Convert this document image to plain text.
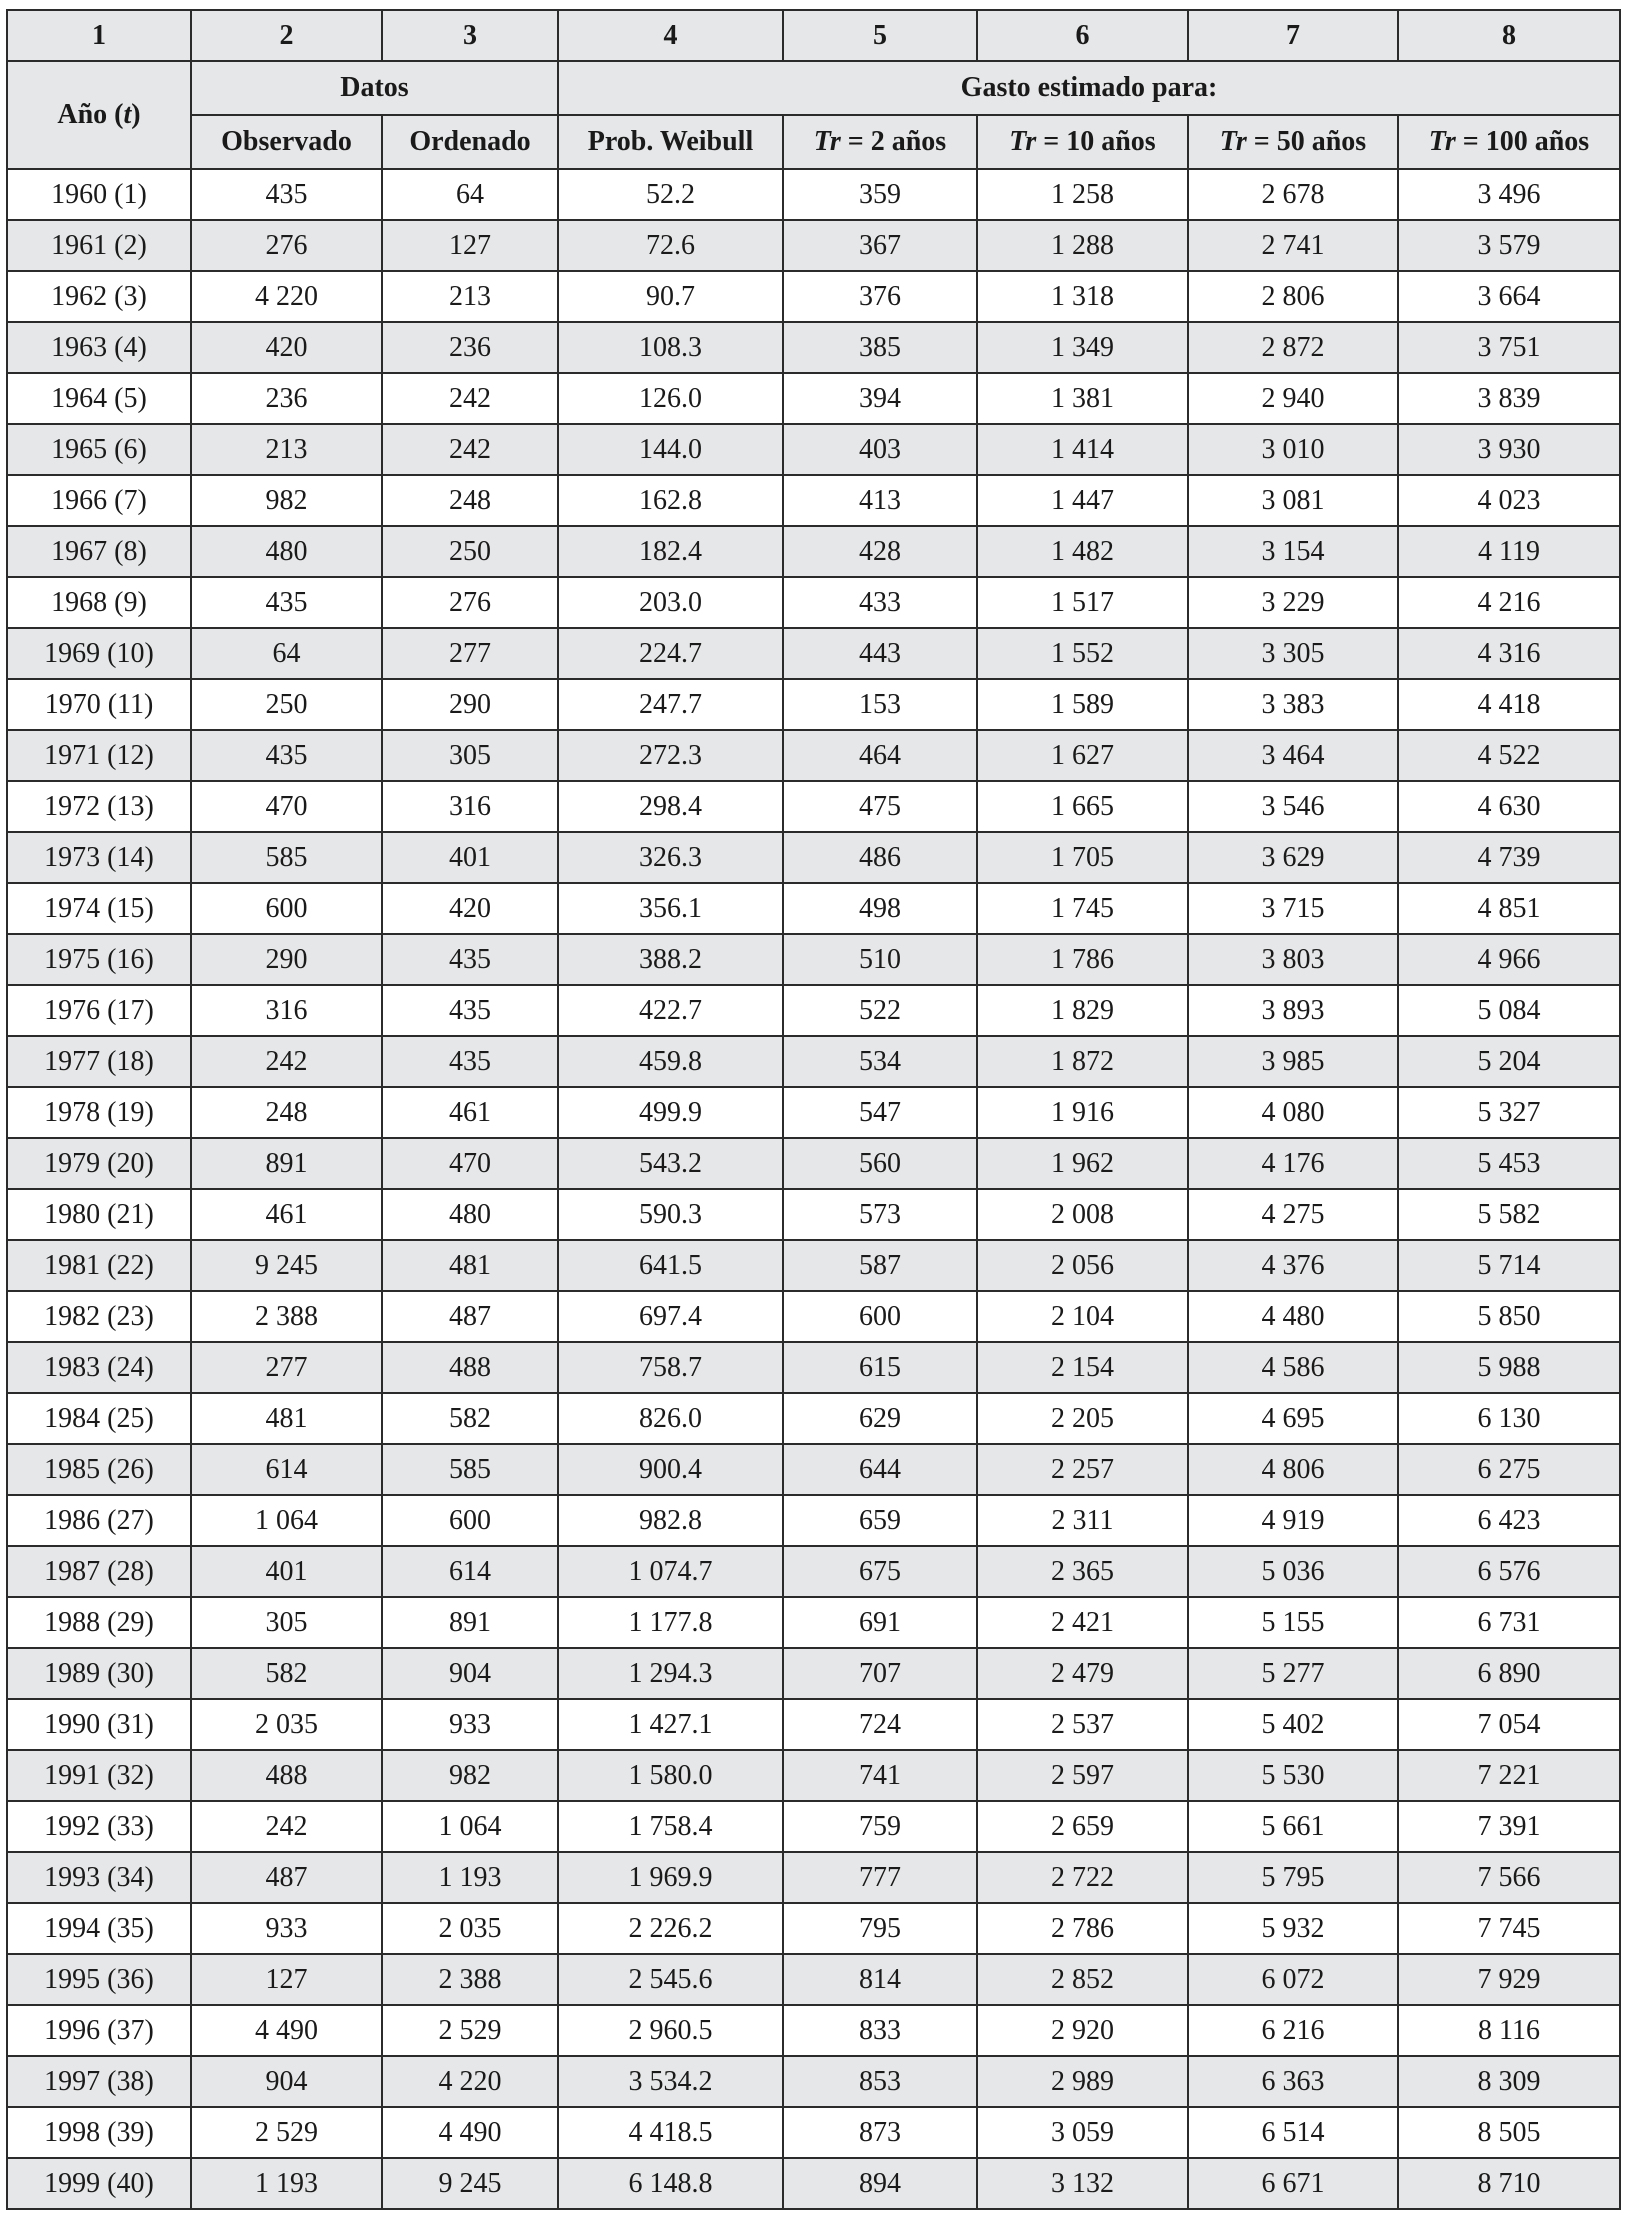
1	2	3	4	5	6	7	8
Año (t)	Datos		Gasto estimado para:				
	Observado	Ordenado	Prob. Weibull	Tr = 2 años	Tr = 10 años	Tr = 50 años	Tr = 100 años
1960 (1)	435	64	52.2	359	1 258	2 678	3 496
1961 (2)	276	127	72.6	367	1 288	2 741	3 579
1962 (3)	4 220	213	90.7	376	1 318	2 806	3 664
1963 (4)	420	236	108.3	385	1 349	2 872	3 751
1964 (5)	236	242	126.0	394	1 381	2 940	3 839
1965 (6)	213	242	144.0	403	1 414	3 010	3 930
1966 (7)	982	248	162.8	413	1 447	3 081	4 023
1967 (8)	480	250	182.4	428	1 482	3 154	4 119
1968 (9)	435	276	203.0	433	1 517	3 229	4 216
1969 (10)	64	277	224.7	443	1 552	3 305	4 316
1970 (11)	250	290	247.7	153	1 589	3 383	4 418
1971 (12)	435	305	272.3	464	1 627	3 464	4 522
1972 (13)	470	316	298.4	475	1 665	3 546	4 630
1973 (14)	585	401	326.3	486	1 705	3 629	4 739
1974 (15)	600	420	356.1	498	1 745	3 715	4 851
1975 (16)	290	435	388.2	510	1 786	3 803	4 966
1976 (17)	316	435	422.7	522	1 829	3 893	5 084
1977 (18)	242	435	459.8	534	1 872	3 985	5 204
1978 (19)	248	461	499.9	547	1 916	4 080	5 327
1979 (20)	891	470	543.2	560	1 962	4 176	5 453
1980 (21)	461	480	590.3	573	2 008	4 275	5 582
1981 (22)	9 245	481	641.5	587	2 056	4 376	5 714
1982 (23)	2 388	487	697.4	600	2 104	4 480	5 850
1983 (24)	277	488	758.7	615	2 154	4 586	5 988
1984 (25)	481	582	826.0	629	2 205	4 695	6 130
1985 (26)	614	585	900.4	644	2 257	4 806	6 275
1986 (27)	1 064	600	982.8	659	2 311	4 919	6 423
1987 (28)	401	614	1 074.7	675	2 365	5 036	6 576
1988 (29)	305	891	1 177.8	691	2 421	5 155	6 731
1989 (30)	582	904	1 294.3	707	2 479	5 277	6 890
1990 (31)	2 035	933	1 427.1	724	2 537	5 402	7 054
1991 (32)	488	982	1 580.0	741	2 597	5 530	7 221
1992 (33)	242	1 064	1 758.4	759	2 659	5 661	7 391
1993 (34)	487	1 193	1 969.9	777	2 722	5 795	7 566
1994 (35)	933	2 035	2 226.2	795	2 786	5 932	7 745
1995 (36)	127	2 388	2 545.6	814	2 852	6 072	7 929
1996 (37)	4 490	2 529	2 960.5	833	2 920	6 216	8 116
1997 (38)	904	4 220	3 534.2	853	2 989	6 363	8 309
1998 (39)	2 529	4 490	4 418.5	873	3 059	6 514	8 505
1999 (40)	1 193	9 245	6 148.8	894	3 132	6 671	8 710
